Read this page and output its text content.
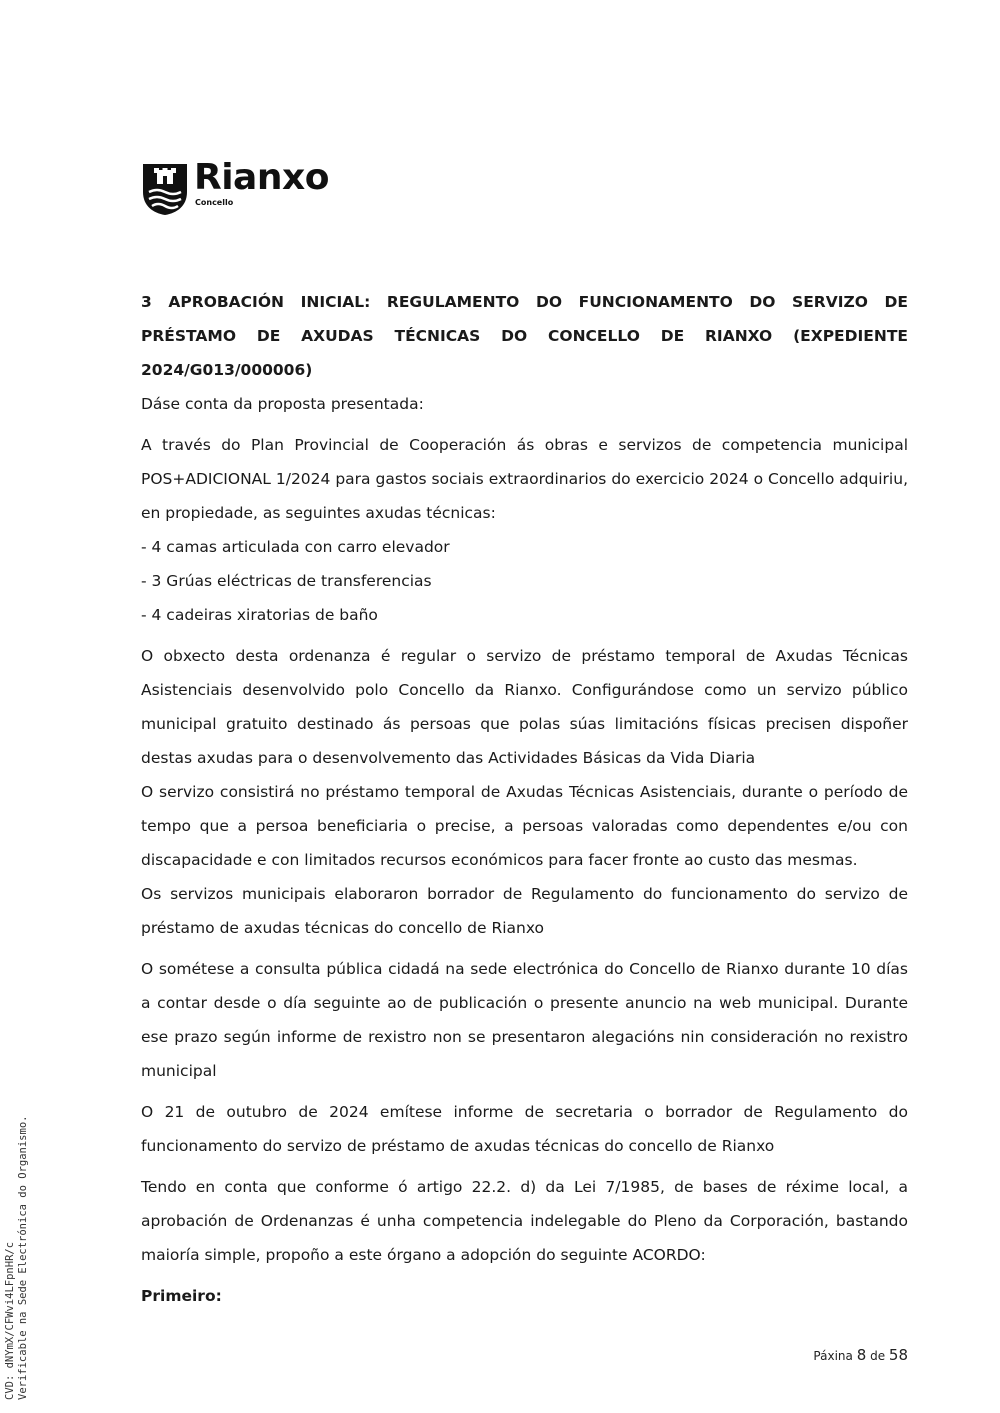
Rianxo
Concello

3 APROBACIÓN INICIAL: REGULAMENTO DO FUNCIONAMENTO DO SERVIZO DE PRÉSTAMO DE AXUDAS TÉCNICAS DO CONCELLO DE RIANXO (EXPEDIENTE 2024/G013/000006)

Dáse conta da proposta presentada:

A través do Plan Provincial de Cooperación ás obras e servizos de competencia municipal POS+ADICIONAL 1/2024 para gastos sociais extraordinarios do exercicio 2024 o Concello adquiriu, en propiedade, as seguintes axudas técnicas:

- 4 camas articulada con carro elevador

- 3 Grúas eléctricas de transferencias

- 4 cadeiras xiratorias de baño

O obxecto desta ordenanza é regular o servizo de préstamo temporal de Axudas Técnicas Asistenciais desenvolvido polo Concello da Rianxo. Configurándose como un servizo público municipal gratuito destinado ás persoas que polas súas limitacións físicas precisen dispoñer destas axudas para o desenvolvemento das Actividades Básicas da Vida Diaria

O servizo consistirá no préstamo temporal de Axudas Técnicas Asistenciais, durante o período de tempo que a persoa beneficiaria o precise, a persoas valoradas como dependentes e/ou con discapacidade e con limitados recursos económicos para facer fronte ao custo das mesmas.

Os servizos municipais elaboraron borrador de Regulamento do funcionamento do servizo de préstamo de axudas técnicas do concello de Rianxo

O sométese a consulta pública cidadá na sede electrónica do Concello de Rianxo durante 10 días a contar desde o día seguinte ao de publicación o presente anuncio na web municipal. Durante ese prazo según informe de rexistro non se presentaron alegacións nin consideración no rexistro municipal

O 21 de outubro de 2024 emítese informe de secretaria o borrador de Regulamento do funcionamento do servizo de préstamo de axudas técnicas do concello de Rianxo

Tendo en conta que conforme ó artigo 22.2. d) da Lei 7/1985, de bases de réxime local, a aprobación de Ordenanzas é unha competencia indelegable do Pleno da Corporación, bastando maioría simple, propoño a este órgano a adopción do seguinte ACORDO:

Primeiro:

CVD: dNYmX/CFWvi4LFpnHR/c Verificable na Sede Electrónica do Organismo.	Páxina 8 de 58
